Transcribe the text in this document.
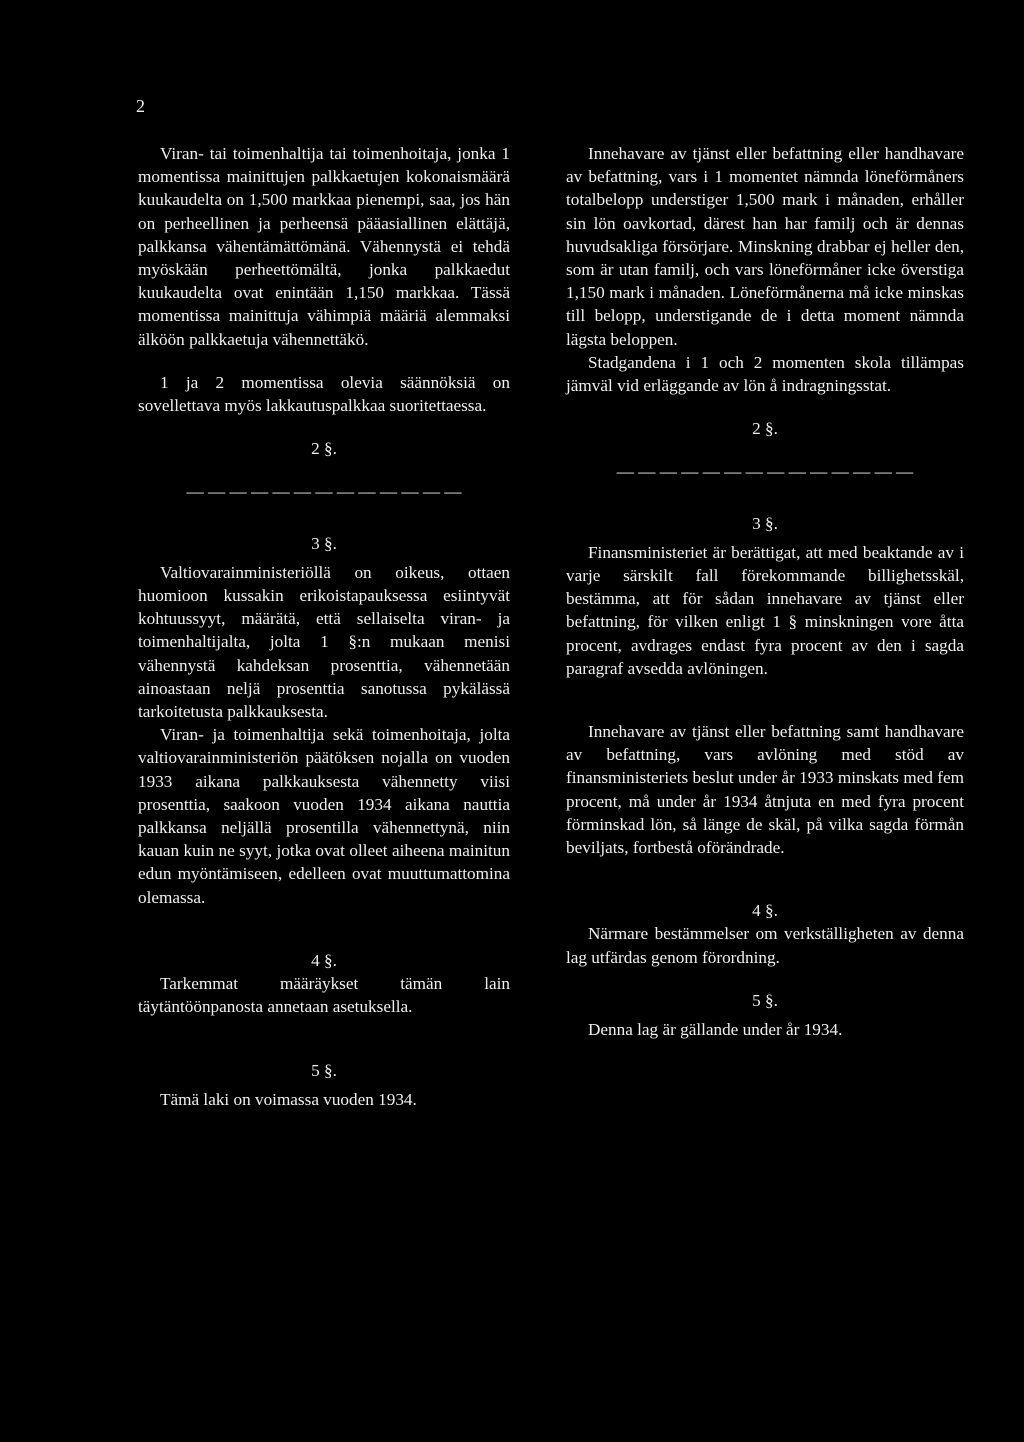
2

Viran- tai toimenhaltija tai toimenhoitaja, jonka 1 momentissa mainittujen palkkaetujen kokonaismäärä kuukaudelta on 1,500 markkaa pienempi, saa, jos hän on perheellinen ja perheensä pääasiallinen elättäjä, palkkansa vähentämättömänä. Vähennystä ei tehdä myöskään perheettömältä, jonka palkkaedut kuukaudelta ovat enintään 1,150 markkaa. Tässä momentissa mainittuja vähimpiä määriä alemmaksi älköön palkkaetuja vähennettäkö.

1 ja 2 momentissa olevia säännöksiä on sovellettava myös lakkautuspalkkaa suoritettaessa.

2 §.
— — — — — — — — — — — — —
3 §.

Valtiovarainministeriöllä on oikeus, ottaen huomioon kussakin erikoistapauksessa esiintyvät kohtuussyyt, määrätä, että sellaiselta viran- ja toimenhaltijalta, jolta 1 §:n mukaan menisi vähennystä kahdeksan prosenttia, vähennetään ainoastaan neljä prosenttia sanotussa pykälässä tarkoitetusta palkkauksesta.

Viran- ja toimenhaltija sekä toimenhoitaja, jolta valtiovarainministeriön päätöksen nojalla on vuoden 1933 aikana palkkauksesta vähennetty viisi prosenttia, saakoon vuoden 1934 aikana nauttia palkkansa neljällä prosentilla vähennettynä, niin kauan kuin ne syyt, jotka ovat olleet aiheena mainitun edun myöntämiseen, edelleen ovat muuttumattomina olemassa.

4 §.

Tarkemmat määräykset tämän lain täytäntöönpanosta annetaan asetuksella.

5 §.

Tämä laki on voimassa vuoden 1934.

Innehavare av tjänst eller befattning eller handhavare av befattning, vars i 1 momentet nämnda löneförmåners totalbelopp understiger 1,500 mark i månaden, erhåller sin lön oavkortad, därest han har familj och är dennas huvudsakliga försörjare. Minskning drabbar ej heller den, som är utan familj, och vars löneförmåner icke överstiga 1,150 mark i månaden. Löneförmånerna må icke minskas till belopp, understigande de i detta moment nämnda lägsta beloppen.

Stadgandena i 1 och 2 momenten skola tillämpas jämväl vid erläggande av lön å indragningsstat.

2 §.
— — — — — — — — — — — — — —
3 §.

Finansministeriet är berättigat, att med beaktande av i varje särskilt fall förekommande billighetsskäl, bestämma, att för sådan innehavare av tjänst eller befattning, för vilken enligt 1 § minskningen vore åtta procent, avdrages endast fyra procent av den i sagda paragraf avsedda avlöningen.

Innehavare av tjänst eller befattning samt handhavare av befattning, vars avlöning med stöd av finansministeriets beslut under år 1933 minskats med fem procent, må under år 1934 åtnjuta en med fyra procent förminskad lön, så länge de skäl, på vilka sagda förmån beviljats, fortbestå oförändrade.

4 §.

Närmare bestämmelser om verkställigheten av denna lag utfärdas genom förordning.

5 §.

Denna lag är gällande under år 1934.
